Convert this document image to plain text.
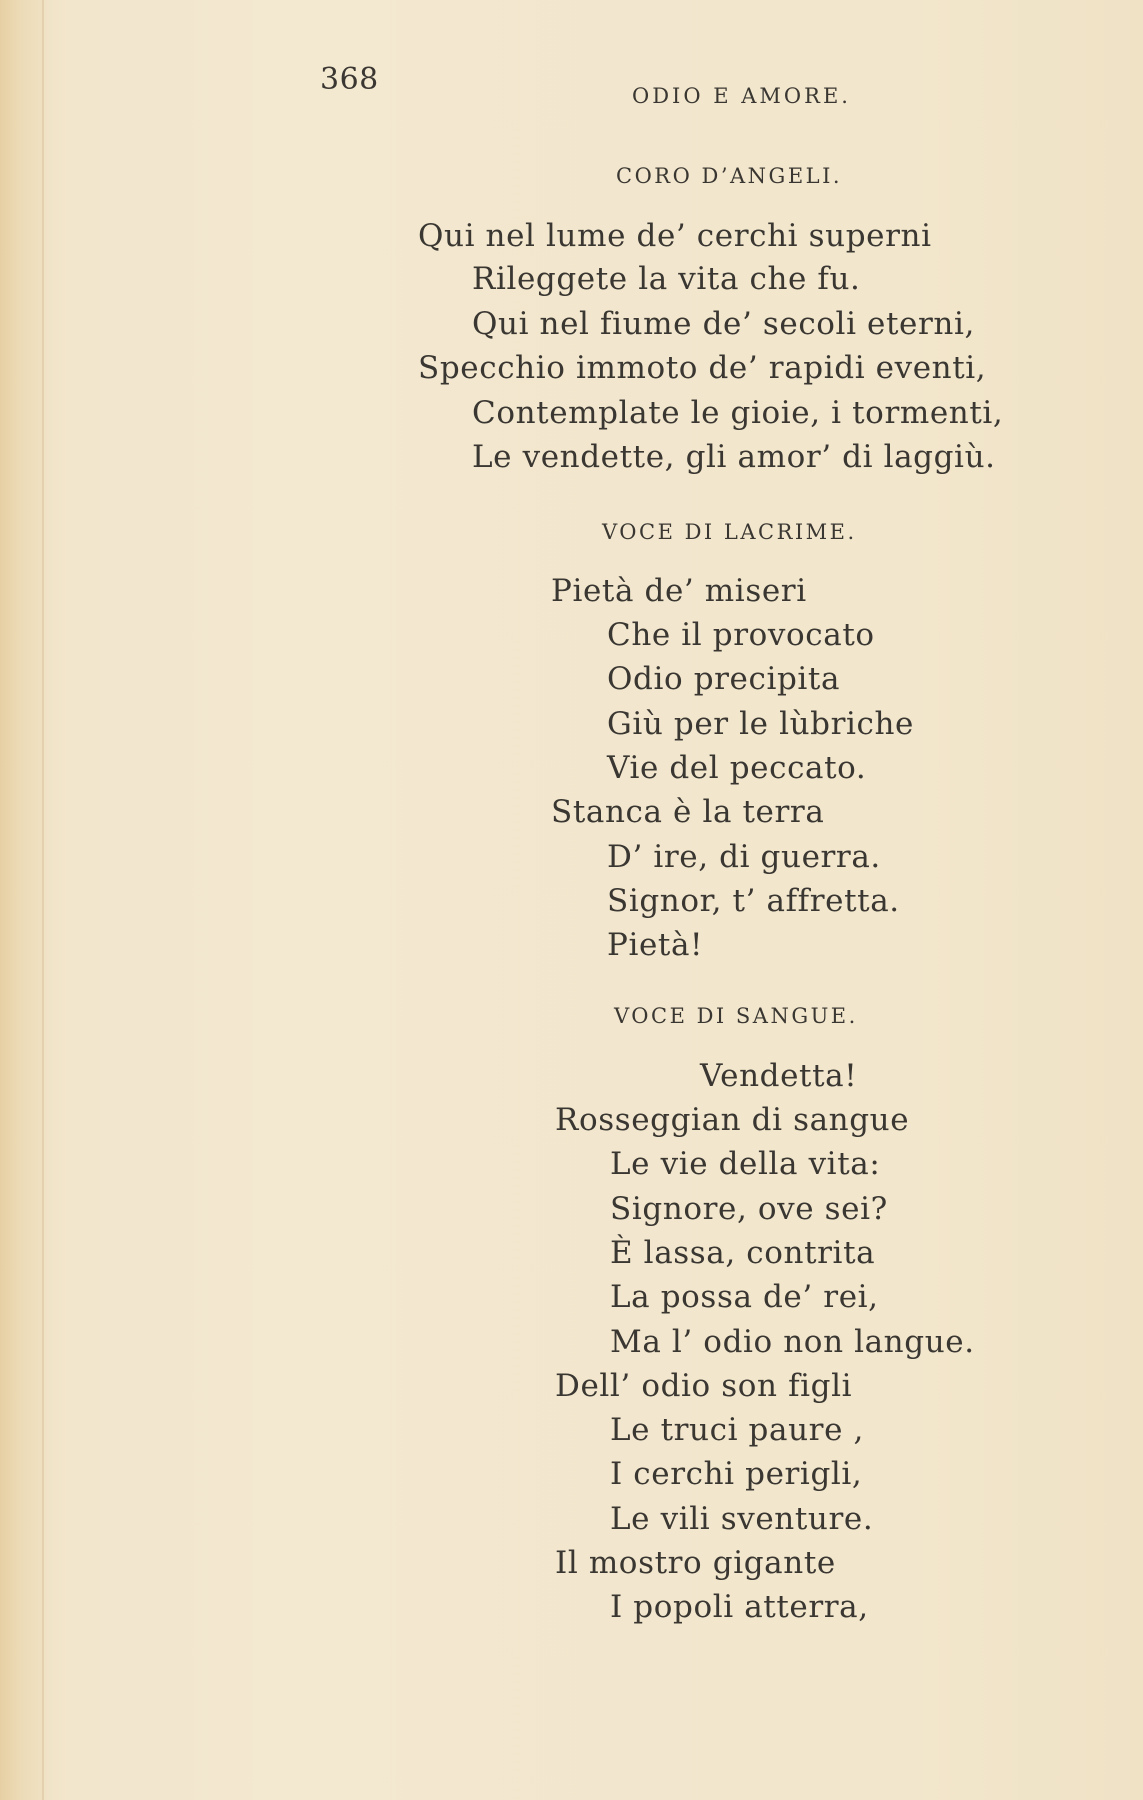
368	ODIO E AMORE.
CORO D’ANGELI.
Qui nel lume de’ cerchi superni
Rileggete la vita che fu.
Qui nel fiume de’ secoli eterni,
Specchio immoto de’ rapidi eventi,
Contemplate le gioie, i tormenti,
Le vendette, gli amor’ di laggiù.
VOCE DI LACRIME.
Pietà de’ miseri
Che il provocato
Odio precipita
Giù per le lùbriche
Vie del peccato.
Stanca è la terra
D’ ire, di guerra.
Signor, t’ affretta.
Pietà!
VOCE DI SANGUE.
Vendetta!
Rosseggian di sangue
Le vie della vita:
Signore, ove sei?
È lassa, contrita
La possa de’ rei,
Ma l’ odio non langue.
Dell’ odio son figli
Le truci paure ,
I cerchi perigli,
Le vili sventure.
Il mostro gigante
I popoli atterra,
